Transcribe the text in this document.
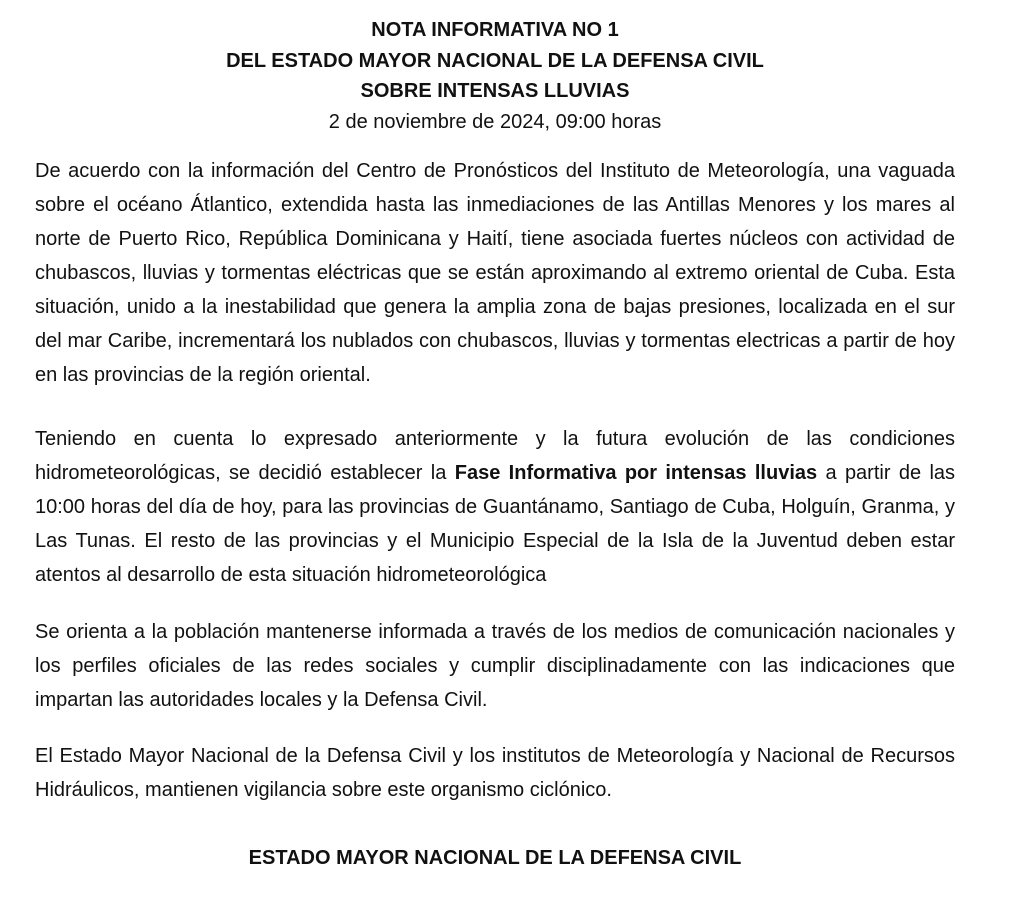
NOTA INFORMATIVA NO 1
DEL ESTADO MAYOR NACIONAL DE LA DEFENSA CIVIL
SOBRE INTENSAS LLUVIAS

2 de noviembre de 2024, 09:00 horas

De acuerdo con la información del Centro de Pronósticos del Instituto de Meteorología, una vaguada sobre el océano Átlantico, extendida hasta las inmediaciones de las Antillas Menores y los mares al norte de Puerto Rico, República Dominicana y Haití, tiene asociada fuertes núcleos con actividad de chubascos, lluvias y tormentas eléctricas que se están aproximando al extremo oriental de Cuba. Esta situación, unido a la inestabilidad que genera la amplia zona de bajas presiones, localizada en el sur del mar Caribe, incrementará los nublados con chubascos, lluvias y tormentas electricas a partir de hoy en las provincias de la región oriental.

Teniendo en cuenta lo expresado anteriormente y la futura evolución de las condiciones hidrometeorológicas, se decidió establecer la Fase Informativa por intensas lluvias a partir de las 10:00 horas del día de hoy, para las provincias de Guantánamo, Santiago de Cuba, Holguín, Granma, y Las Tunas. El resto de las provincias y el Municipio Especial de la Isla de la Juventud deben estar atentos al desarrollo de esta situación hidrometeorológica

Se orienta a la población mantenerse informada a través de los medios de comunicación nacionales y los perfiles oficiales de las redes sociales y cumplir disciplinadamente con las indicaciones que impartan las autoridades locales y la Defensa Civil.

El Estado Mayor Nacional de la Defensa Civil y los institutos de Meteorología y Nacional de Recursos Hidráulicos, mantienen vigilancia sobre este organismo ciclónico.

ESTADO MAYOR NACIONAL DE LA DEFENSA CIVIL
